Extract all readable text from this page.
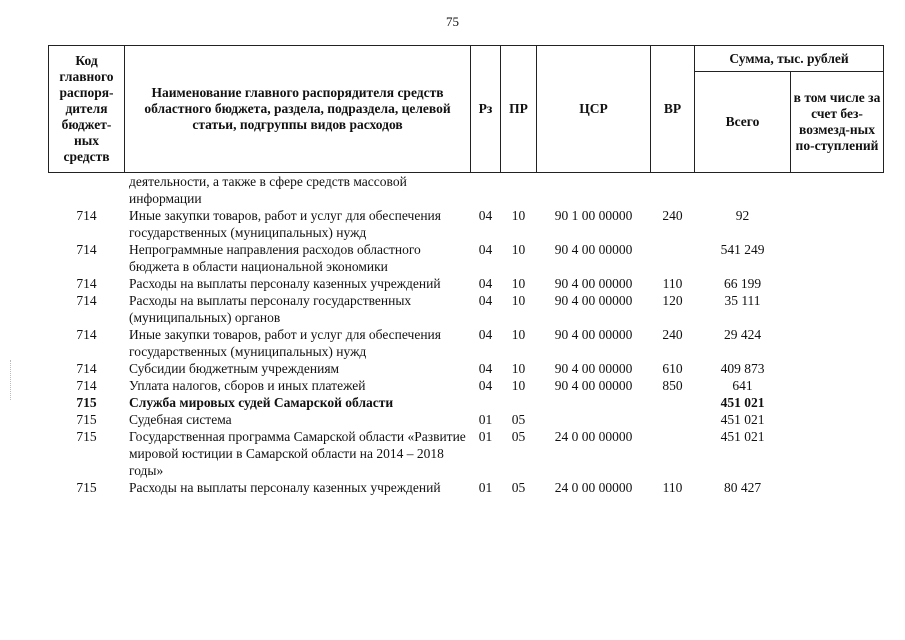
75
Код главного распоря-дителя бюджет-ных средств	Наименование главного распорядителя средств областного бюджета, раздела, подраздела, целевой статьи, подгруппы видов расходов	Рз	ПР	ЦСР	ВР	Сумма, тыс. рублей	
						Всего	в том числе за счет без-возмезд-ных по-ступлений
	деятельности, а также в сфере средств массовой информации						
714	Иные закупки товаров, работ и услуг для обеспечения государственных (муниципальных) нужд	04	10	90 1 00 00000	240	92	
714	Непрограммные направления расходов областного бюджета в области национальной экономики	04	10	90 4 00 00000		541 249	
714	Расходы на выплаты персоналу казенных учреждений	04	10	90 4 00 00000	110	66 199	
714	Расходы на выплаты персоналу государственных (муниципальных) органов	04	10	90 4 00 00000	120	35 111	
714	Иные закупки товаров, работ и услуг для обеспечения государственных (муниципальных) нужд	04	10	90 4 00 00000	240	29 424	
714	Субсидии бюджетным учреждениям	04	10	90 4 00 00000	610	409 873	
714	Уплата налогов, сборов и иных платежей	04	10	90 4 00 00000	850	641	
715	Служба мировых судей Самарской области					451 021	
715	Судебная система	01	05			451 021	
715	Государственная программа Самарской области «Развитие мировой юстиции в Самарской области на 2014 – 2018 годы»	01	05	24 0 00 00000		451 021	
715	Расходы на выплаты персоналу казенных учреждений	01	05	24 0 00 00000	110	80 427	
